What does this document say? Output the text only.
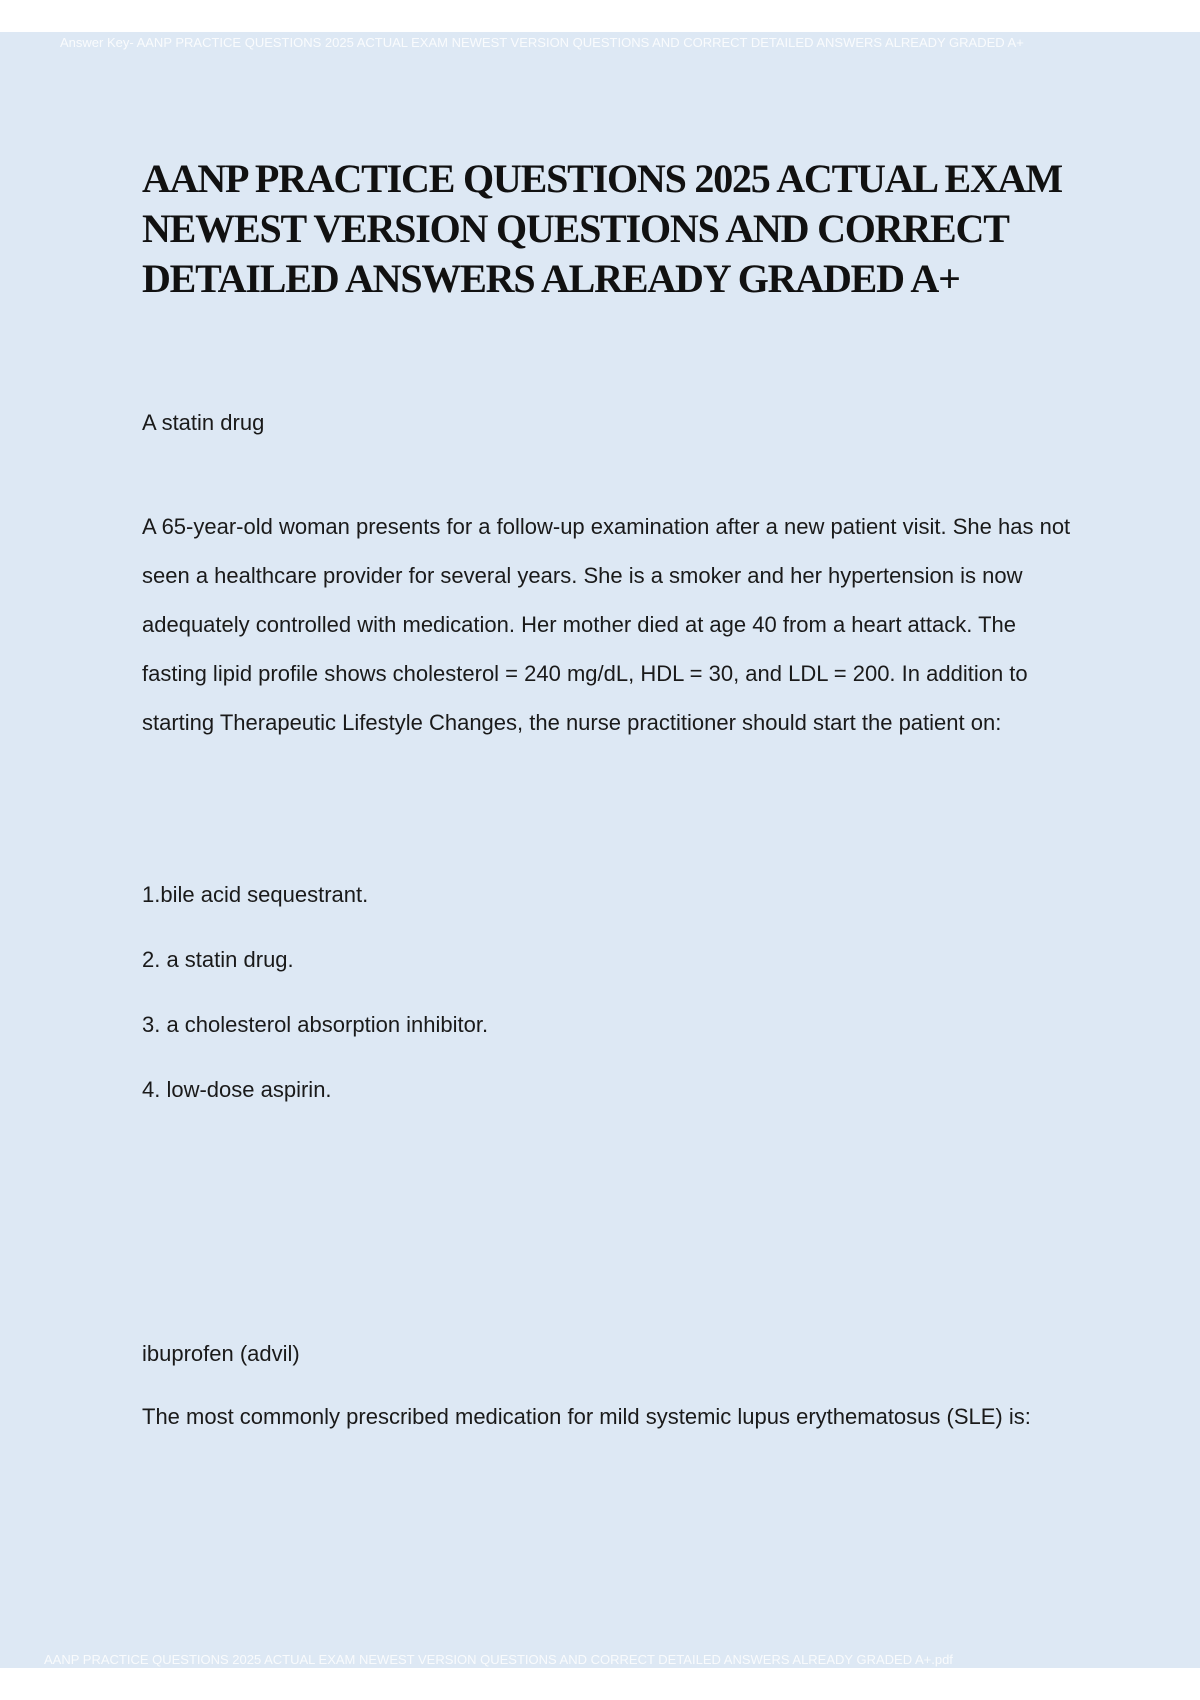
Answer Key- AANP PRACTICE QUESTIONS 2025 ACTUAL EXAM NEWEST VERSION QUESTIONS AND CORRECT DETAILED ANSWERS ALREADY GRADED A+
AANP PRACTICE QUESTIONS 2025 ACTUAL EXAM NEWEST VERSION QUESTIONS AND CORRECT DETAILED ANSWERS ALREADY GRADED A+

A statin drug

A 65-year-old woman presents for a follow-up examination after a new patient visit. She has not seen a healthcare provider for several years. She is a smoker and her hypertension is now adequately controlled with medication. Her mother died at age 40 from a heart attack. The fasting lipid profile shows cholesterol = 240 mg/dL, HDL = 30, and LDL = 200. In addition to starting Therapeutic Lifestyle Changes, the nurse practitioner should start the patient on:

1.bile acid sequestrant.

2. a statin drug.

3. a cholesterol absorption inhibitor.

4. low-dose aspirin.

ibuprofen (advil)

The most commonly prescribed medication for mild systemic lupus erythematosus (SLE) is:

AANP PRACTICE QUESTIONS 2025 ACTUAL EXAM NEWEST VERSION QUESTIONS AND CORRECT DETAILED ANSWERS ALREADY GRADED A+.pdf
